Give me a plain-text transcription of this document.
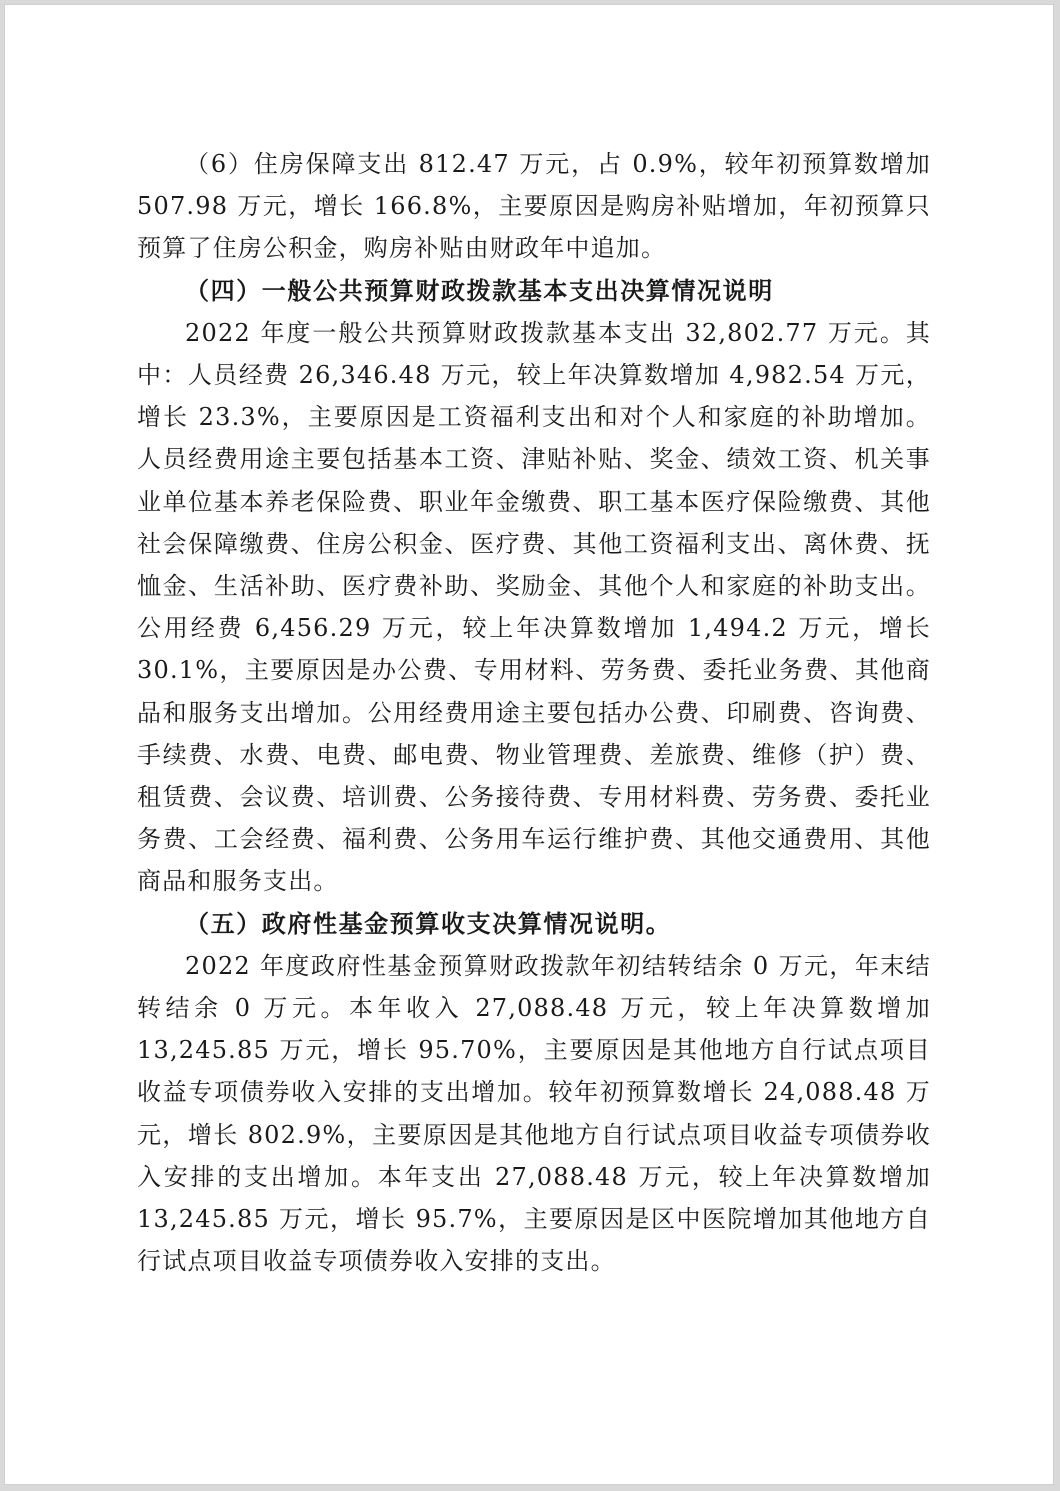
（6）住房保障支出 812.47 万元，占 0.9%，较年初预算数增加 507.98 万元，增长 166.8%，主要原因是购房补贴增加，年初预算只预算了住房公积金，购房补贴由财政年中追加。

（四）一般公共预算财政拨款基本支出决算情况说明

2022 年度一般公共预算财政拨款基本支出 32,802.77 万元。其中：人员经费 26,346.48 万元，较上年决算数增加 4,982.54 万元，增长 23.3%，主要原因是工资福利支出和对个人和家庭的补助增加。人员经费用途主要包括基本工资、津贴补贴、奖金、绩效工资、机关事业单位基本养老保险费、职业年金缴费、职工基本医疗保险缴费、其他社会保障缴费、住房公积金、医疗费、其他工资福利支出、离休费、抚恤金、生活补助、医疗费补助、奖励金、其他个人和家庭的补助支出。公用经费 6,456.29 万元，较上年决算数增加 1,494.2 万元，增长 30.1%，主要原因是办公费、专用材料、劳务费、委托业务费、其他商品和服务支出增加。公用经费用途主要包括办公费、印刷费、咨询费、手续费、水费、电费、邮电费、物业管理费、差旅费、维修（护）费、租赁费、会议费、培训费、公务接待费、专用材料费、劳务费、委托业务费、工会经费、福利费、公务用车运行维护费、其他交通费用、其他商品和服务支出。

（五）政府性基金预算收支决算情况说明。

2022 年度政府性基金预算财政拨款年初结转结余 0 万元，年末结转结余 0 万元。本年收入 27,088.48 万元，较上年决算数增加 13,245.85 万元，增长 95.70%，主要原因是其他地方自行试点项目收益专项债券收入安排的支出增加。较年初预算数增长 24,088.48 万元，增长 802.9%，主要原因是其他地方自行试点项目收益专项债券收入安排的支出增加。本年支出 27,088.48 万元，较上年决算数增加 13,245.85 万元，增长 95.7%，主要原因是区中医院增加其他地方自行试点项目收益专项债券收入安排的支出。
